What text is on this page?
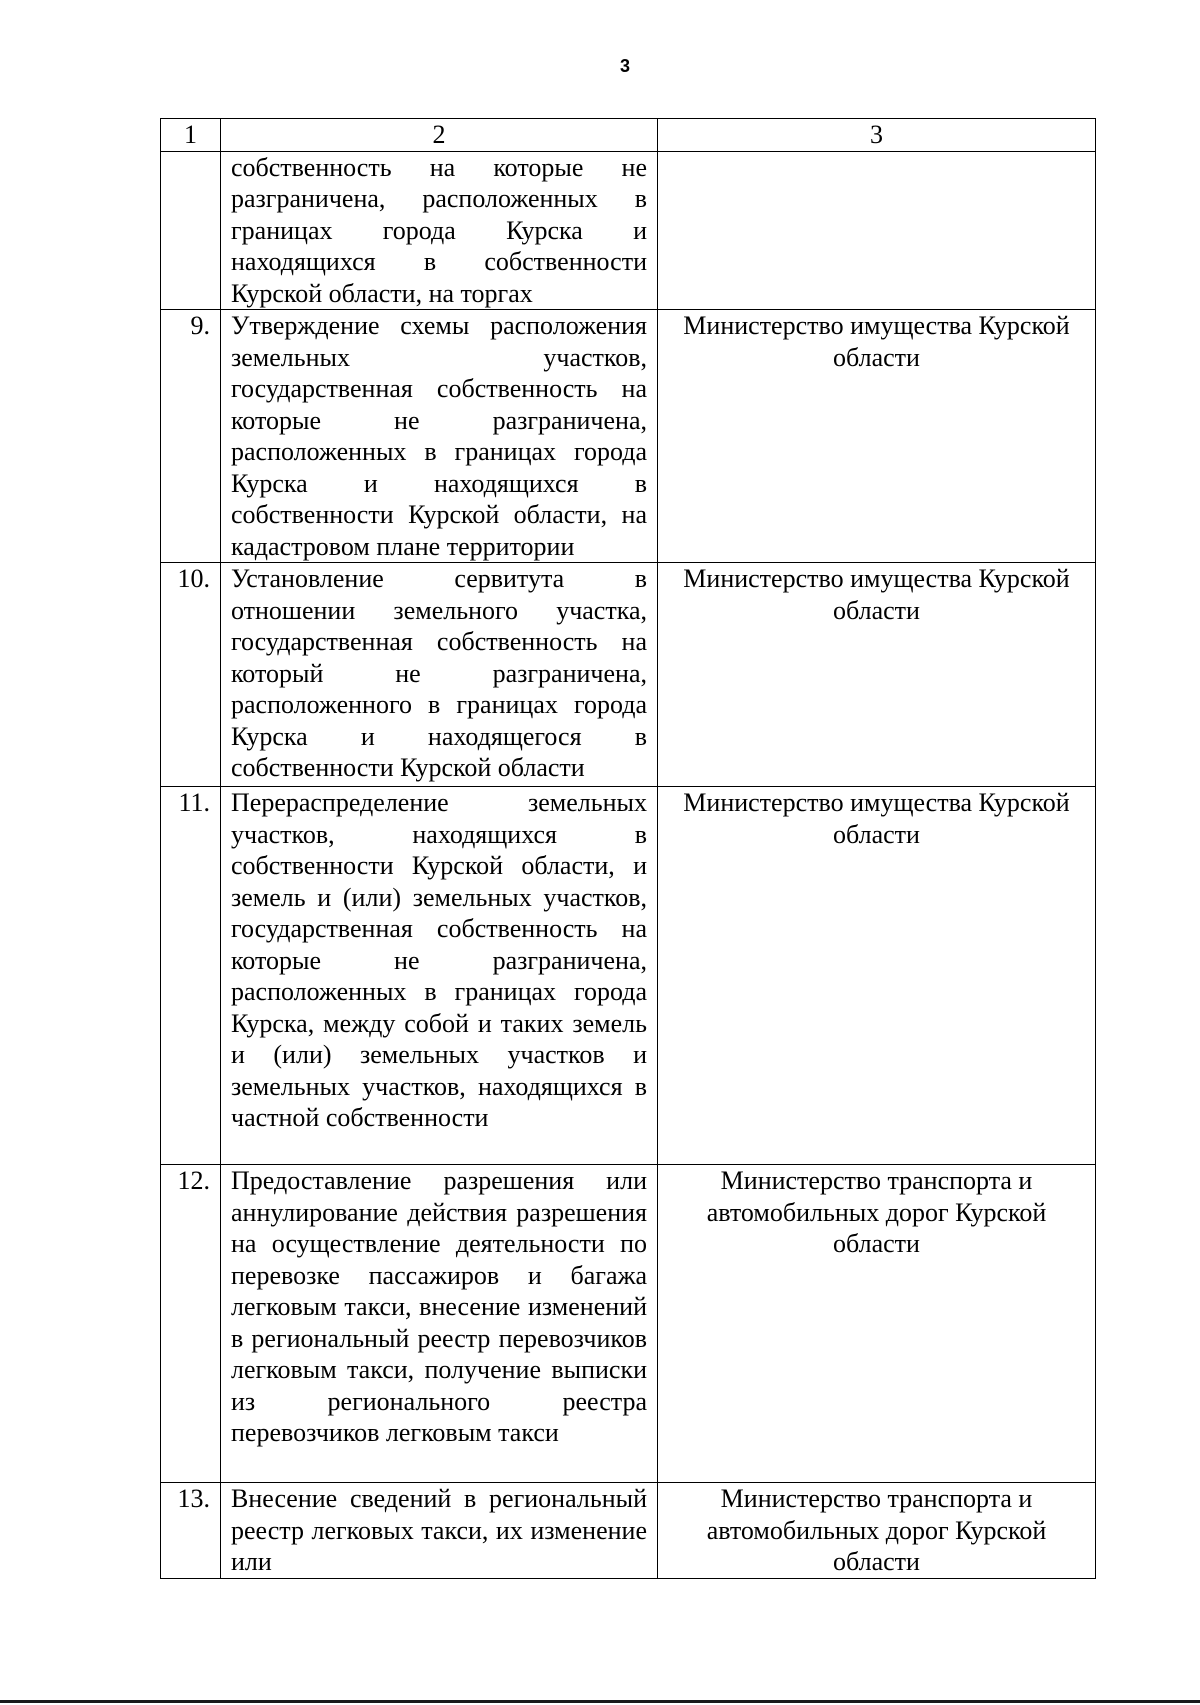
3
1	2	3
	собственность на которые не разграничена, расположенных в границах города Курска и находящихся в собственности Курской области, на торгах	
9.	Утверждение схемы расположения земельных участков, государственная собственность на которые не разграничена, расположенных в границах города Курска и находящихся в собственности Курской области, на кадастровом плане территории	Министерство имущества Курской области
10.	Установление сервитута в отношении земельного участка, государственная собственность на который не разграничена, расположенного в границах города Курска и находящегося в собственности Курской области	Министерство имущества Курской области
11.	Перераспределение земельных участков, находящихся в собственности Курской области, и земель и (или) земельных участков, государственная собственность на которые не разграничена, расположенных в границах города Курска, между собой и таких земель и (или) земельных участков и земельных участков, находящихся в частной собственности	Министерство имущества Курской области
12.	Предоставление разрешения или аннулирование действия разрешения на осуществление деятельности по перевозке пассажиров и багажа легковым такси, внесение изменений в региональный реестр перевозчиков легковым такси, получение выписки из регионального реестра перевозчиков легковым такси	Министерство транспорта и автомобильных дорог Курской области
13.	Внесение сведений в региональный реестр легковых такси, их изменение или	Министерство транспорта и автомобильных дорог Курской области
